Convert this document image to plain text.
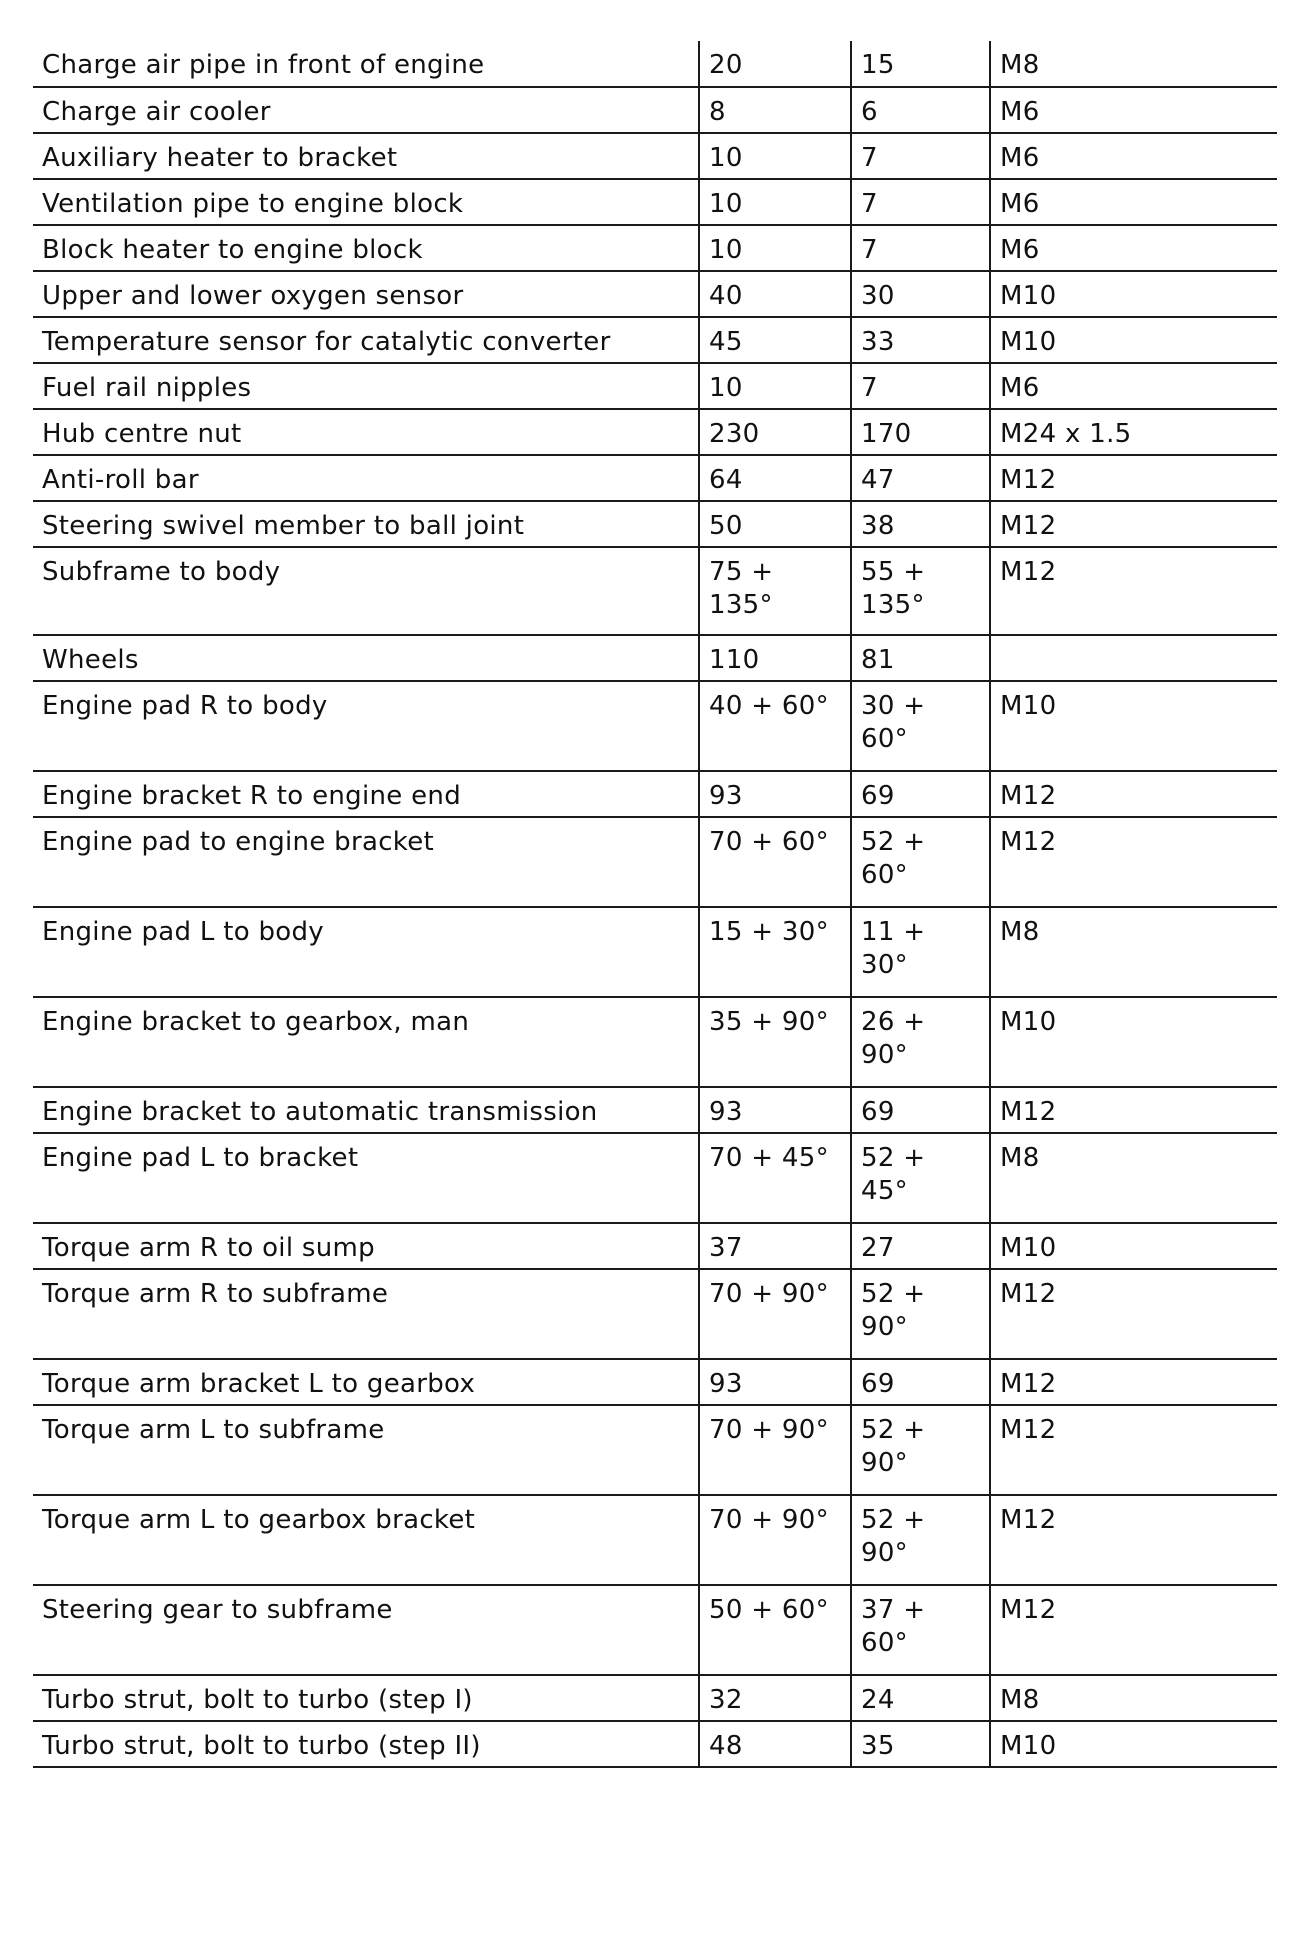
Charge air pipe in front of engine	20	15	M8
Charge air cooler	8	6	M6
Auxiliary heater to bracket	10	7	M6
Ventilation pipe to engine block	10	7	M6
Block heater to engine block	10	7	M6
Upper and lower oxygen sensor	40	30	M10
Temperature sensor for catalytic converter	45	33	M10
Fuel rail nipples	10	7	M6
Hub centre nut	230	170	M24 x 1.5
Anti-roll bar	64	47	M12
Steering swivel member to ball joint	50	38	M12
Subframe to body	75 + 135°	55 + 135°	M12
Wheels	110	81	
Engine pad R to body	40 + 60°	30 + 60°	M10
Engine bracket R to engine end	93	69	M12
Engine pad to engine bracket	70 + 60°	52 + 60°	M12
Engine pad L to body	15 + 30°	11 + 30°	M8
Engine bracket to gearbox, man	35 + 90°	26 + 90°	M10
Engine bracket to automatic transmission	93	69	M12
Engine pad L to bracket	70 + 45°	52 + 45°	M8
Torque arm R to oil sump	37	27	M10
Torque arm R to subframe	70 + 90°	52 + 90°	M12
Torque arm bracket L to gearbox	93	69	M12
Torque arm L to subframe	70 + 90°	52 + 90°	M12
Torque arm L to gearbox bracket	70 + 90°	52 + 90°	M12
Steering gear to subframe	50 + 60°	37 + 60°	M12
Turbo strut, bolt to turbo (step I)	32	24	M8
Turbo strut, bolt to turbo (step II)	48	35	M10
